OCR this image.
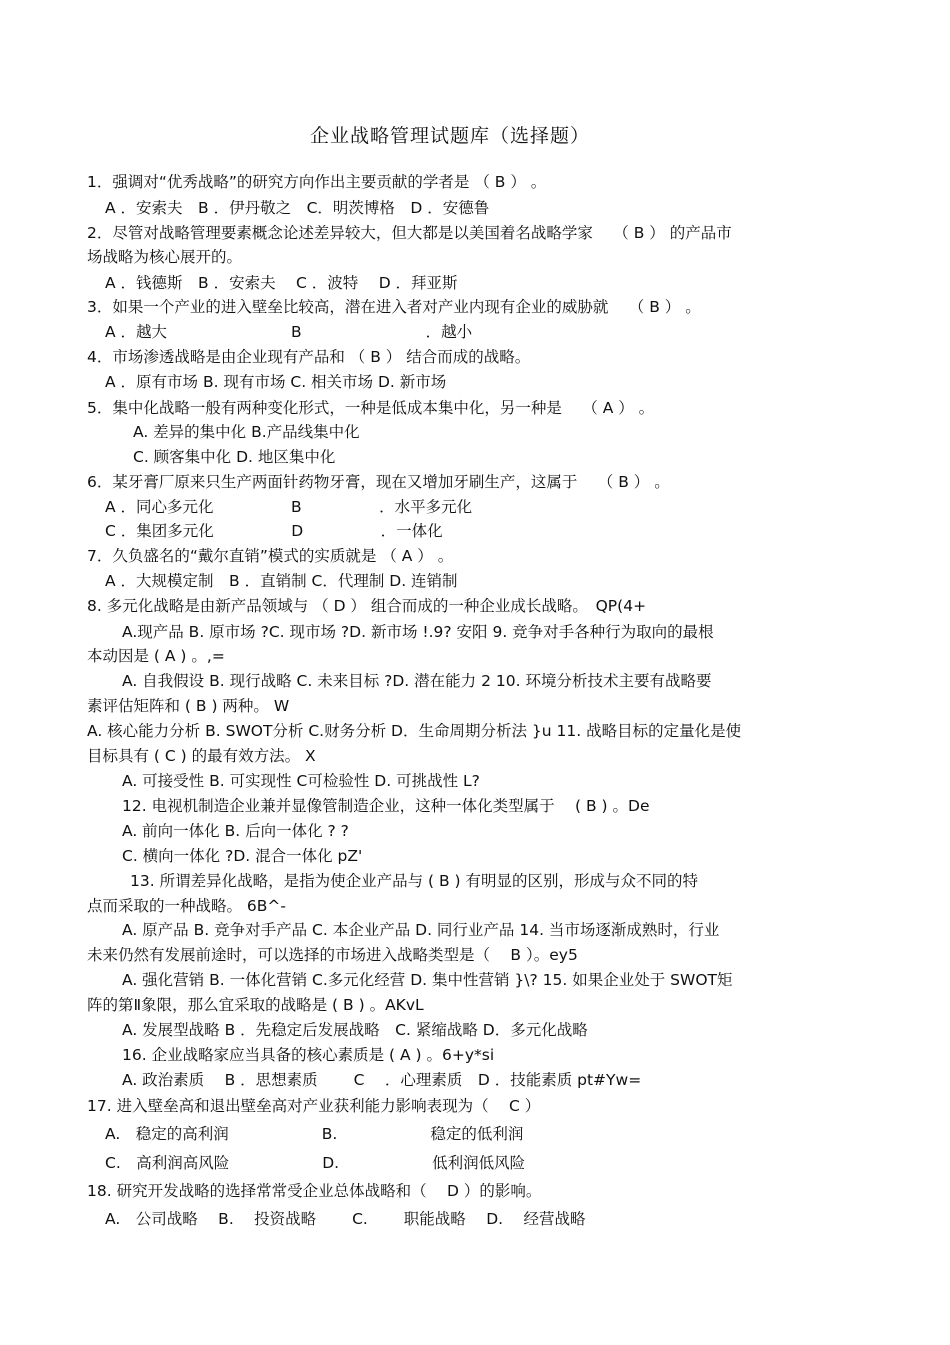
企业战略管理试题库（选择题）
1．强调对“优秀战略”的研究方向作出主要贡献的学者是 （ B ） 。
A ．安索夫　B ．伊丹敬之　C．明茨博格　D ．安德鲁
2．尽管对战略管理要素概念论述差异较大，但大都是以美国着名战略学家　 （ B ） 的产品市
场战略为核心展开的。
A ．钱德斯　B ．安索夫　 C ．波特　 D ．拜亚斯
3．如果一个产业的进入壁垒比较高，潜在进入者对产业内现有企业的威胁就　 （ B ） 。
A ．越大　　　　　　　　B　　　　　　　　．越小
4．市场渗透战略是由企业现有产品和 （ B ） 结合而成的战略。
A ．原有市场 B. 现有市场 C. 相关市场 D. 新市场
5．集中化战略一般有两种变化形式，一种是低成本集中化，另一种是　 （ A ） 。
A. 差异的集中化 B.产品线集中化
C. 顾客集中化 D. 地区集中化
6．某牙膏厂原来只生产两面针药物牙膏，现在又增加牙刷生产，这属于　 （ B ） 。
A ．同心多元化　　　　　B　　　　　．水平多元化
C ．集团多元化　　　　　D　　　　　．一体化
7．久负盛名的“戴尔直销”模式的实质就是 （ A ） 。
A ．大规模定制　B ．直销制 C．代理制 D. 连销制
8. 多元化战略是由新产品领域与 （ D ） 组合而成的一种企业成长战略。　QP(4+
A.现产品 B. 原市场 ?C. 现市场 ?D. 新市场 !.9? 安阳 9. 竞争对手各种行为取向的最根
本动因是 ( A ) 。,=
A. 自我假设 B. 现行战略 C. 未来目标 ?D. 潜在能力 2 10. 环境分析技术主要有战略要
素评估矩阵和 ( B ) 两种。 W
A. 核心能力分析 B. SWOT分析 C.财务分析 D．生命周期分析法 }u 11. 战略目标的定量化是使
目标具有 ( C ) 的最有效方法。 X
A. 可接受性 B. 可实现性 C可检验性 D. 可挑战性 L?
12. 电视机制造企业兼并显像管制造企业，这种一体化类型属于　 ( B ) 。De
A. 前向一体化 B. 后向一体化 ? ?
C. 横向一体化 ?D. 混合一体化 pZ'
13. 所谓差异化战略，是指为使企业产品与 ( B ) 有明显的区别，形成与众不同的特
点而采取的一种战略。 6B^-
A. 原产品 B. 竞争对手产品 C. 本企业产品 D. 同行业产品 14. 当市场逐渐成熟时，行业
未来仍然有发展前途时，可以选择的市场进入战略类型是（　 B ）。ey5
A. 强化营销 B. 一体化营销 C.多元化经营 D. 集中性营销 }\? 15. 如果企业处于 SWOT矩
阵的第Ⅱ象限，那么宜采取的战略是 ( B ) 。AKvL
A. 发展型战略 B ．先稳定后发展战略　C. 紧缩战略 D．多元化战略
16. 企业战略家应当具备的核心素质是 ( A ) 。6+y*si
A. 政治素质　 B ．思想素质　　 C　 ．心理素质　D ．技能素质 pt#Yw=
17. 进入壁垒高和退出壁垒高对产业获利能力影响表现为（　 C ）
A.　稳定的高利润　　　　　　B.　　　　　　稳定的低利润
C.　高利润高风险　　　　　　D.　　　　　　低利润低风险
18. 研究开发战略的选择常常受企业总体战略和（　 D ）的影响。
A.　公司战略　 B.　 投资战略　　 C.　　 职能战略　 D.　 经营战略
